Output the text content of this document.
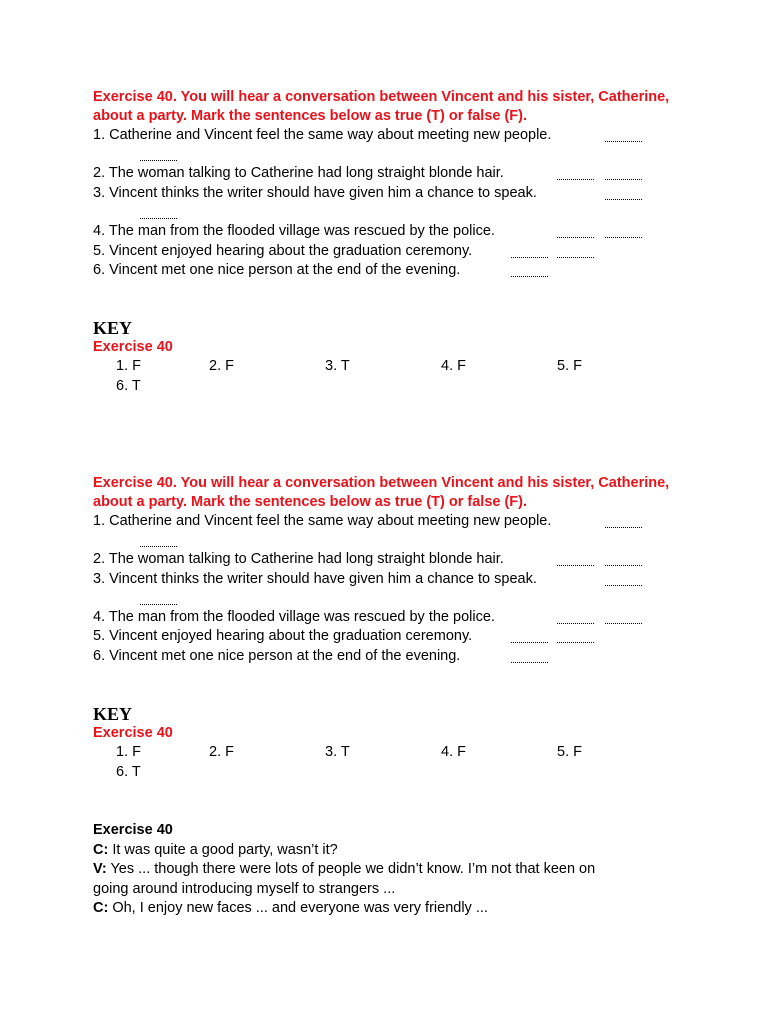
Exercise 40. You will hear a conversation between Vincent and his sister, Catherine,
about a party. Mark the sentences below as true (T) or false (F).
1. Catherine and Vincent feel the same way about meeting new people.
2. The woman talking to Catherine had long straight blonde hair.
3. Vincent thinks the writer should have given him a chance to speak.
4. The man from the flooded village was rescued by the police.
5. Vincent enjoyed hearing about the graduation ceremony.
6. Vincent met one nice person at the end of the evening.
KEY
Exercise 40
1. F	2. F	3. T	4. F	5. F
6. T
Exercise 40. You will hear a conversation between Vincent and his sister, Catherine,
about a party. Mark the sentences below as true (T) or false (F).
1. Catherine and Vincent feel the same way about meeting new people.
2. The woman talking to Catherine had long straight blonde hair.
3. Vincent thinks the writer should have given him a chance to speak.
4. The man from the flooded village was rescued by the police.
5. Vincent enjoyed hearing about the graduation ceremony.
6. Vincent met one nice person at the end of the evening.
KEY
Exercise 40
1. F	2. F	3. T	4. F	5. F
6. T
Exercise 40
C: It was quite a good party, wasn’t it?
V: Yes ... though there were lots of people we didn’t know. I’m not that keen on
going around introducing myself to strangers ...
C: Oh, I enjoy new faces ... and everyone was very friendly ...
